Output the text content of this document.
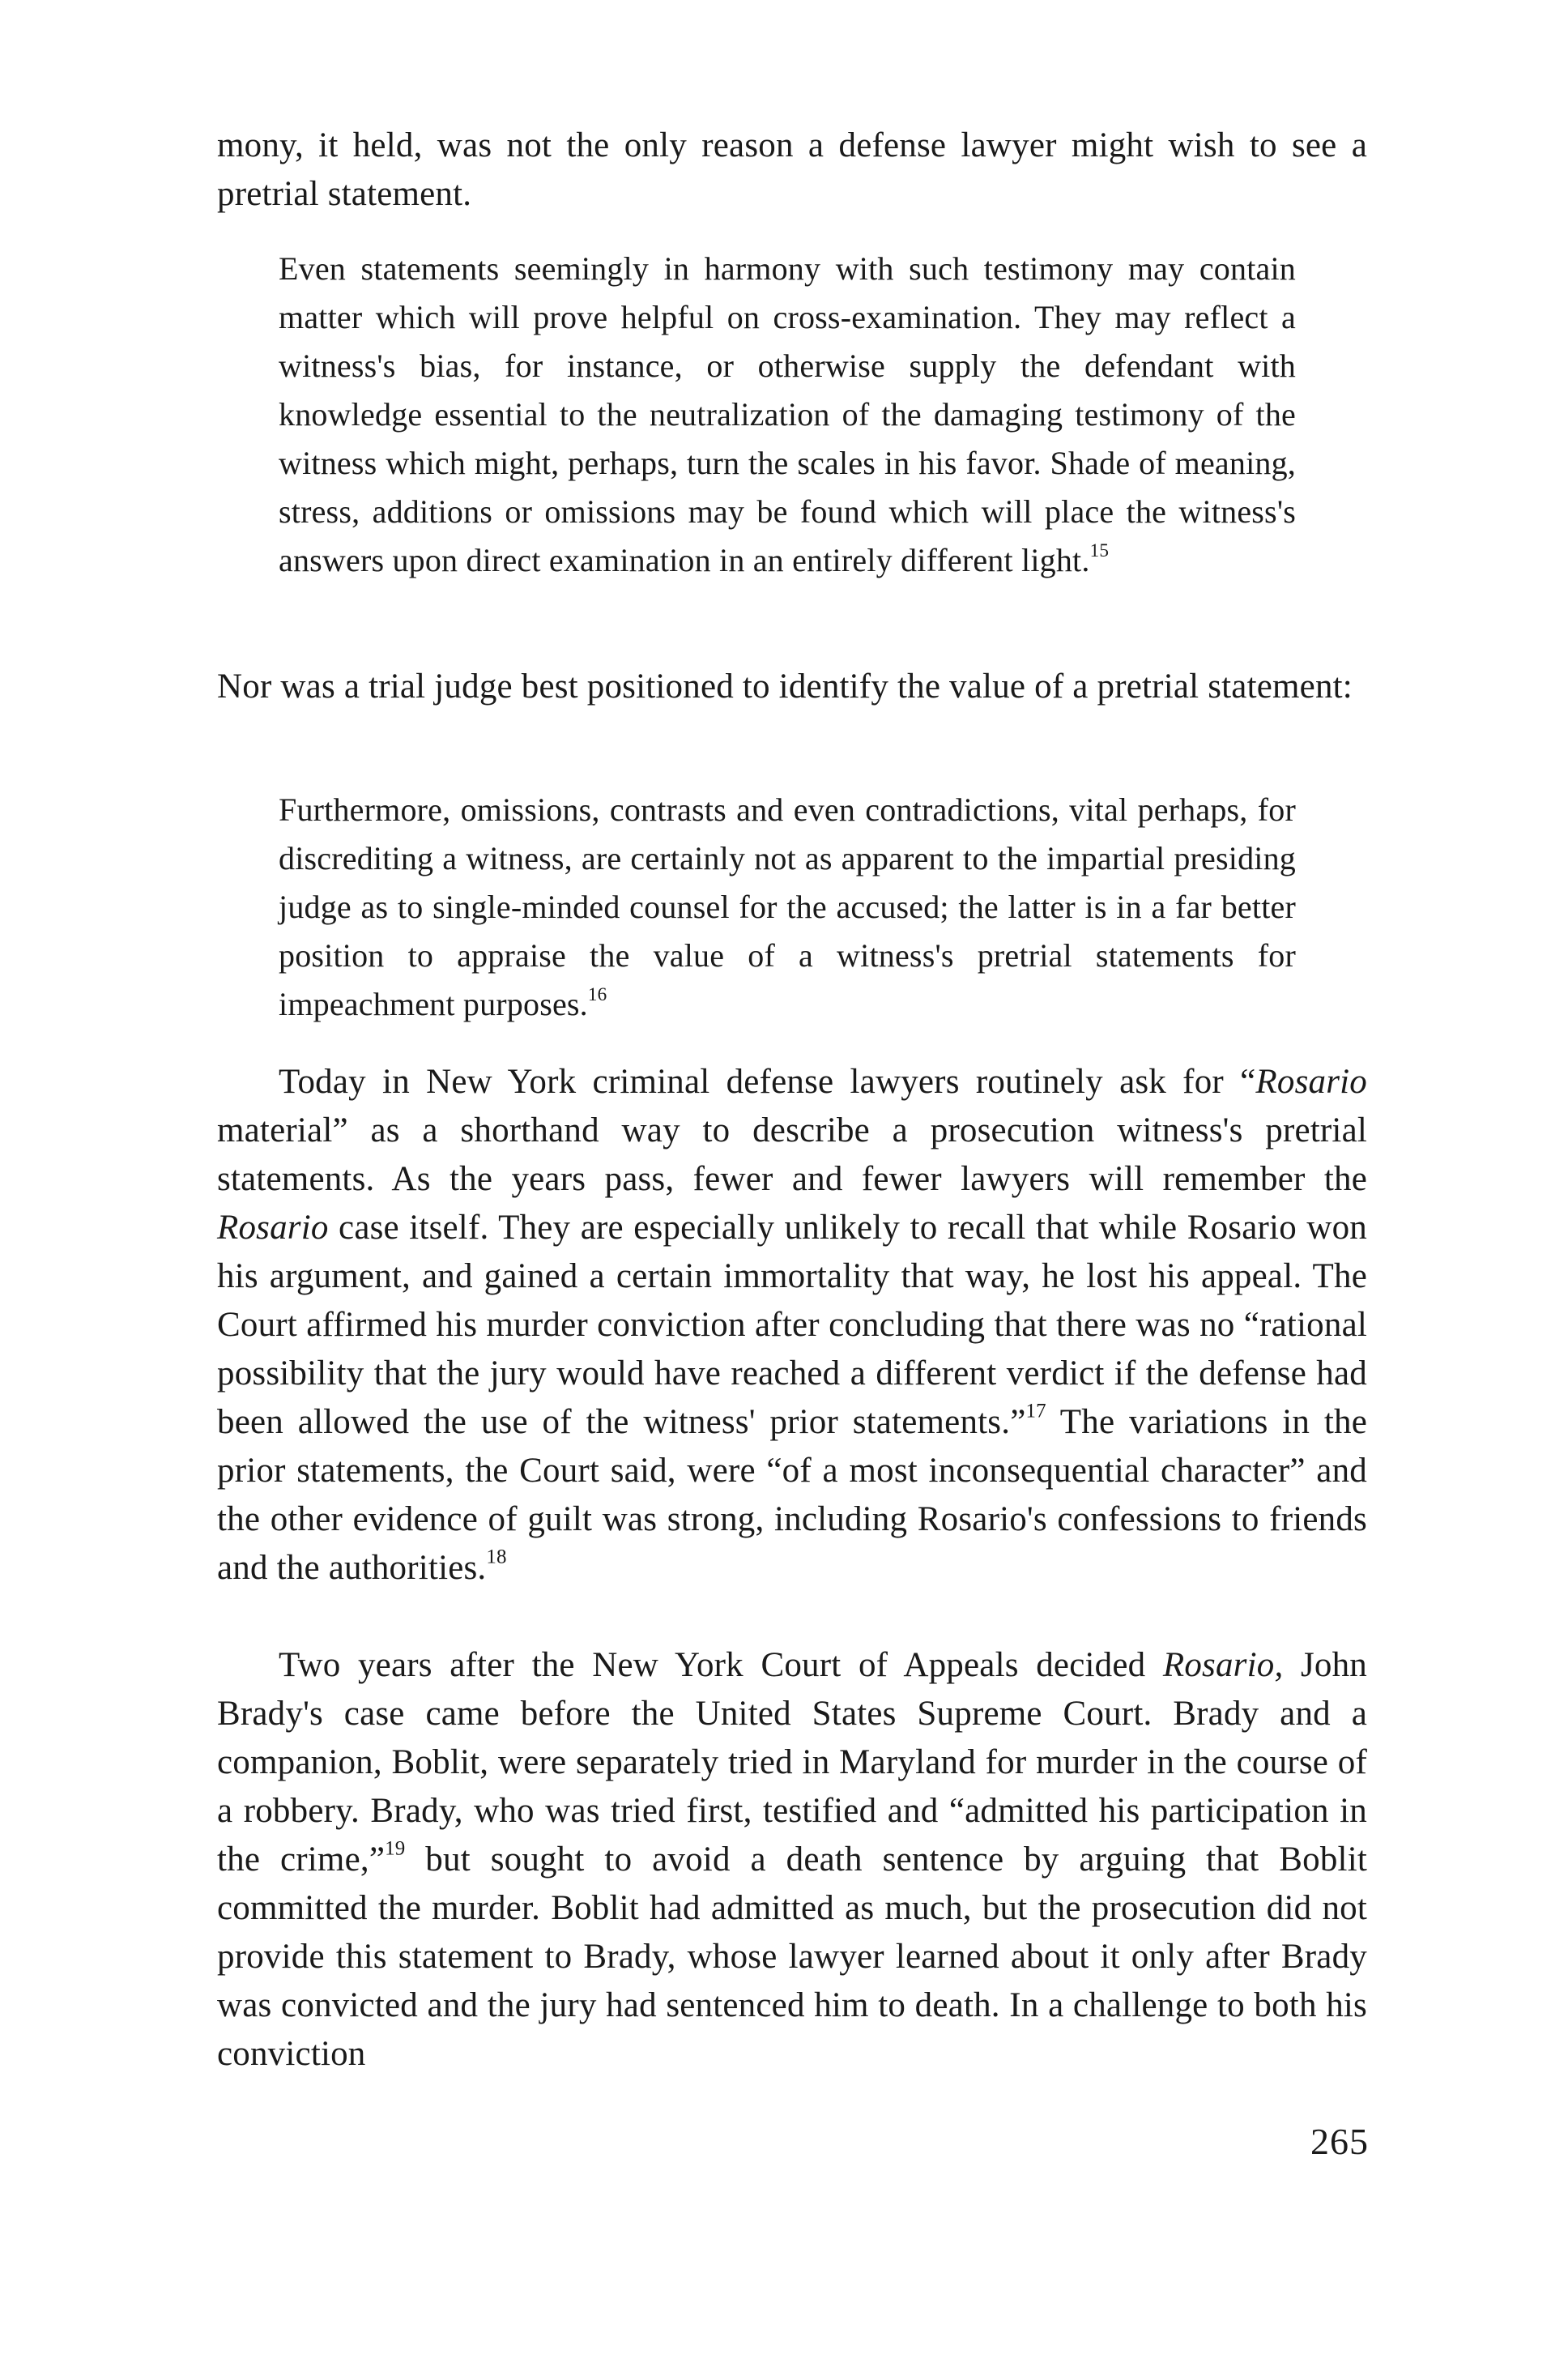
mony, it held, was not the only reason a defense lawyer might wish to see a pretrial statement.

Even statements seemingly in harmony with such testimony may contain matter which will prove helpful on cross-examination. They may reflect a witness's bias, for instance, or otherwise supply the defendant with knowledge essential to the neutralization of the damaging testimony of the witness which might, perhaps, turn the scales in his favor. Shade of meaning, stress, additions or omissions may be found which will place the witness's answers upon direct examination in an entirely different light.$^{15}$

Nor was a trial judge best positioned to identify the value of a pretrial statement:

Furthermore, omissions, contrasts and even contradictions, vital perhaps, for discrediting a witness, are certainly not as apparent to the impartial presiding judge as to single-minded counsel for the accused; the latter is in a far better position to appraise the value of a witness's pretrial statements for impeachment purposes.$^{16}$

Today in New York criminal defense lawyers routinely ask for “Rosario material” as a shorthand way to describe a prosecution witness's pretrial statements. As the years pass, fewer and fewer lawyers will remember the Rosario case itself. They are especially unlikely to recall that while Rosario won his argument, and gained a certain immortality that way, he lost his appeal. The Court affirmed his murder conviction after concluding that there was no “rational possibility that the jury would have reached a different verdict if the defense had been allowed the use of the witness' prior statements.”$^{17}$ The variations in the prior statements, the Court said, were “of a most inconsequential character” and the other evidence of guilt was strong, including Rosario's confessions to friends and the authorities.$^{18}$

Two years after the New York Court of Appeals decided Rosario, John Brady's case came before the United States Supreme Court. Brady and a companion, Boblit, were separately tried in Maryland for murder in the course of a robbery. Brady, who was tried first, testified and “admitted his participation in the crime,”$^{19}$ but sought to avoid a death sentence by arguing that Boblit committed the murder. Boblit had admitted as much, but the prosecution did not provide this statement to Brady, whose lawyer learned about it only after Brady was convicted and the jury had sentenced him to death. In a challenge to both his conviction

265
